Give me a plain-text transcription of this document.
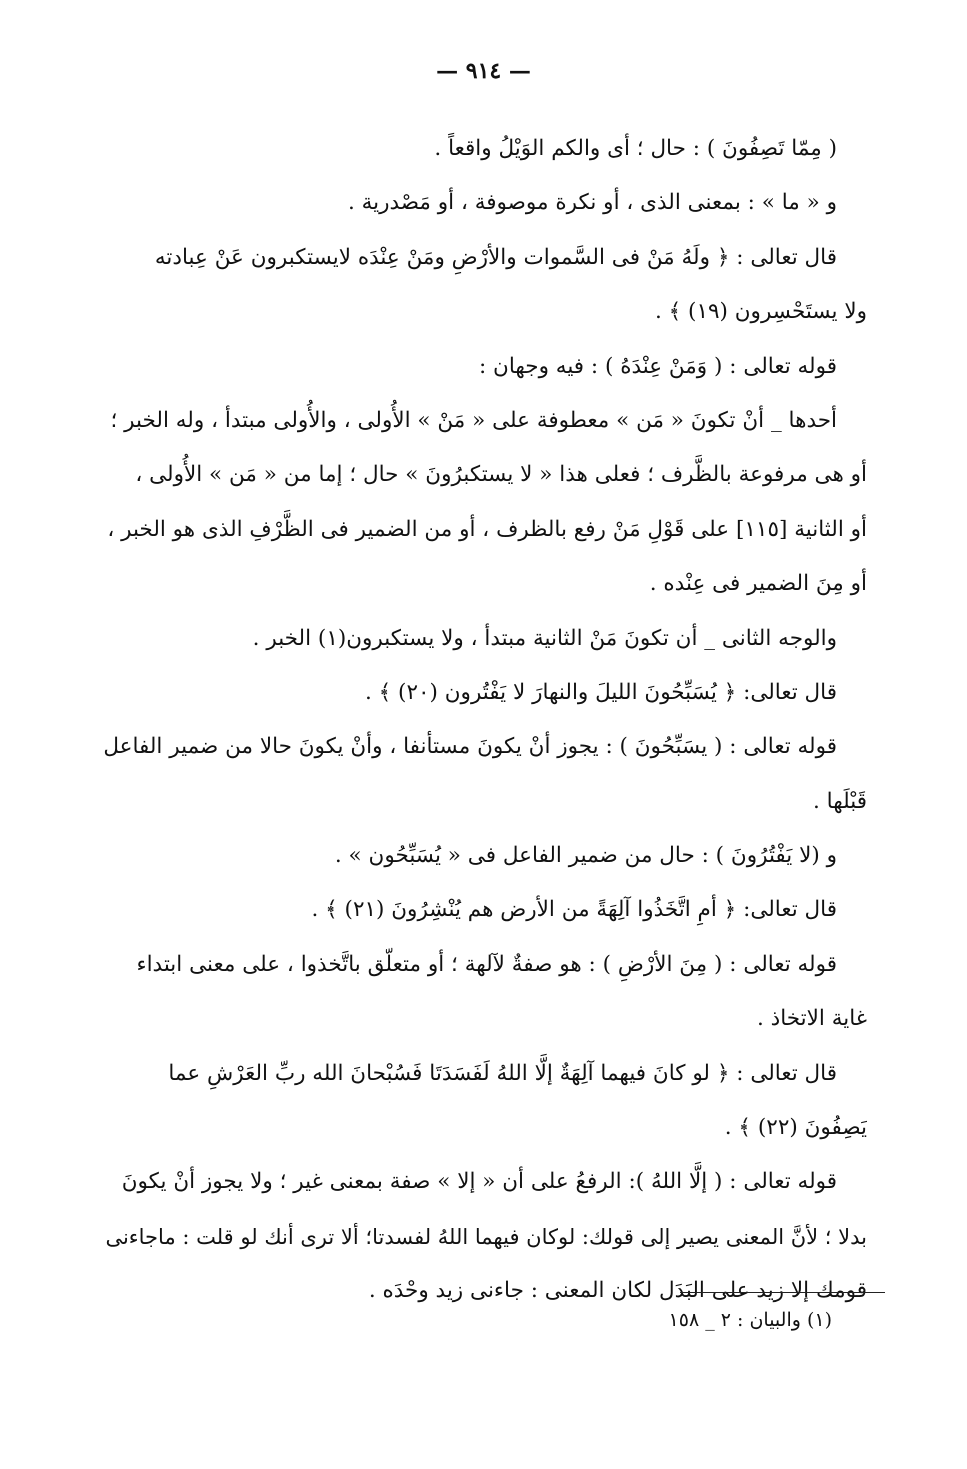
— ٩١٤ —
( مِمّا تَصِفُونَ ) : حال ؛ أى والكم الوَيْلُ واقعاً .
و « ما » : بمعنى الذى ، أو نكرة موصوفة ، أو مَصْدرية .
قال تعالى : ﴿ ولَهُ مَنْ فى السَّموات والأرْضِ ومَنْ عِنْدَه لايستكبرون عَنْ عِبادته
ولا يستَحْسِرون (١٩) ﴾ .
قوله تعالى : ( وَمَنْ عِنْدَهُ ) : فيه وجهان :
أحدها _ أنْ تكونَ « مَن » معطوفة على « مَنْ » الأُولى ، والأُولى مبتدأ ، وله الخبر ؛
أو هى مرفوعة بالظَّرف ؛ فعلى هذا « لا يستكبرُونَ » حال ؛ إما من « مَن » الأُولى ،
أو الثانية [١١٥] على قَوْلِ مَنْ رفع بالظرف ، أو من الضمير فى الظَّرْفِ الذى هو الخبر ،
أو مِنَ الضمير فى عِنْده .
والوجه الثانى _ أن تكونَ مَنْ الثانية مبتدأ ، ولا يستكبرون(١) الخبر .
قال تعالى: ﴿ يُسَبِّحُونَ الليلَ والنهارَ لا يَفْتُرون (٢٠) ﴾ .
قوله تعالى : ( يسَبِّحُونَ ) : يجوز أنْ يكونَ مستأنفا ، وأنْ يكونَ حالا من ضمير الفاعل
قَبْلَها .
و (لا يَفْتُرُونَ ) : حال من ضمير الفاعل فى « يُسَبِّحُون » .
قال تعالى: ﴿ أمِ اتَّخَذُوا آلِهَةً من الأرض هم يُنْشِرُونَ (٢١) ﴾ .
قوله تعالى : ( مِنَ الأرْضِ ) : هو صفةٌ لآلهة ؛ أو متعلّق باتَّخذوا ، على معنى ابتداء
غاية الاتخاذ .
قال تعالى : ﴿ لو كانَ فيهما آلِهَةٌ إلَّا اللهُ لَفَسَدَتَا فَسُبْحانَ الله ربِّ العَرْشِ عما
يَصِفُونَ (٢٢) ﴾ .
قوله تعالى : ( إلَّا اللهُ ): الرفعُ على أن « إلا » صفة بمعنى غير ؛ ولا يجوز أنْ يكونَ
بدلا ؛ لأنَّ المعنى يصير إلى قولك: لوكان فيهما اللهُ لفسدتا؛ ألا ترى أنك لو قلت : ماجاءنى
قومك إلا زيد على البَدَل لكان المعنى : جاءنى زيد وحْدَه .
(١) والبيان : ٢ _ ١٥٨
